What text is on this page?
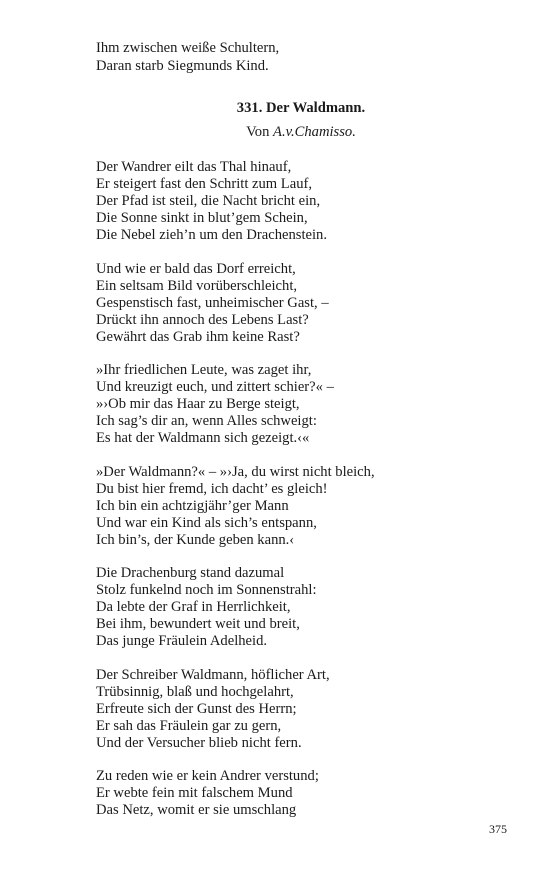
Ihm zwischen weiße Schultern,
Daran starb Siegmunds Kind.
331. Der Waldmann.
Von A.v.Chamisso.
Der Wandrer eilt das Thal hinauf,
Er steigert fast den Schritt zum Lauf,
Der Pfad ist steil, die Nacht bricht ein,
Die Sonne sinkt in blut’gem Schein,
Die Nebel zieh’n um den Drachenstein.
Und wie er bald das Dorf erreicht,
Ein seltsam Bild vorüberschleicht,
Gespenstisch fast, unheimischer Gast, –
Drückt ihn annoch des Lebens Last?
Gewährt das Grab ihm keine Rast?
»Ihr friedlichen Leute, was zaget ihr,
Und kreuzigt euch, und zittert schier?« –
»›Ob mir das Haar zu Berge steigt,
Ich sag’s dir an, wenn Alles schweigt:
Es hat der Waldmann sich gezeigt.‹«
»Der Waldmann?« – »›Ja, du wirst nicht bleich,
Du bist hier fremd, ich dacht’ es gleich!
Ich bin ein achtzigjähr’ger Mann
Und war ein Kind als sich’s entspann,
Ich bin’s, der Kunde geben kann.‹
Die Drachenburg stand dazumal
Stolz funkelnd noch im Sonnenstrahl:
Da lebte der Graf in Herrlichkeit,
Bei ihm, bewundert weit und breit,
Das junge Fräulein Adelheid.
Der Schreiber Waldmann, höflicher Art,
Trübsinnig, blaß und hochgelahrt,
Erfreute sich der Gunst des Herrn;
Er sah das Fräulein gar zu gern,
Und der Versucher blieb nicht fern.
Zu reden wie er kein Andrer verstund;
Er webte fein mit falschem Mund
Das Netz, womit er sie umschlang
375
